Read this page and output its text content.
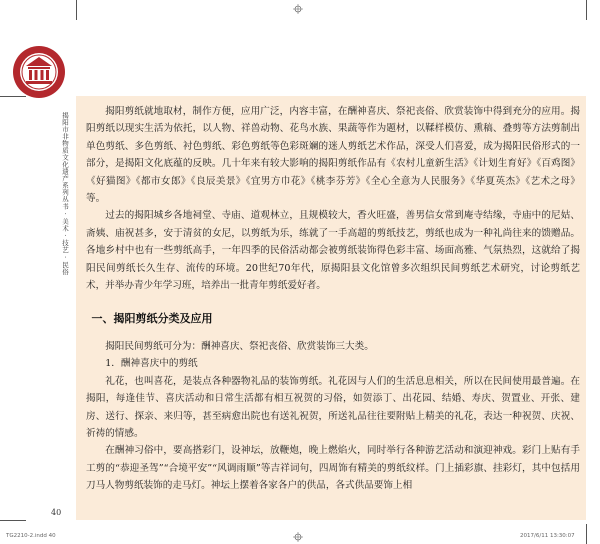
揭阳市非物质文化遗产系列丛书 · 美术 · 技艺 · 民俗

揭阳剪纸就地取材，制作方便，应用广泛，内容丰富，在酬神喜庆、祭祀丧俗、欣赏装饰中得到充分的应用。揭阳剪纸以现实生活为依托，以人物、祥兽动物、花鸟水族、果蔬等作为题材，以鞣样模仿、熏稿、叠剪等方法剪制出单色剪纸、多色剪纸、衬色剪纸、彩色剪纸等色彩斑斓的迷人剪纸艺术作品，深受人们喜爱，成为揭阳民俗形式的一部分，是揭阳文化底蕴的反映。几十年来有较大影响的揭阳剪纸作品有《农村儿童新生活》《计划生育好》《百鸡图》《好猫图》《都市女郎》《良辰美景》《宜男方巾花》《桃李芬芳》《全心全意为人民服务》《华夏英杰》《艺术之母》等。

过去的揭阳城乡各地祠堂、寺庙、道观林立，且规模较大，香火旺盛，善男信女常到庵寺结缘，寺庙中的尼姑、斋姨、庙祝甚多，安于清贫的女尼，以剪纸为乐，练就了一手高超的剪纸技艺，剪纸也成为一种礼尚往来的馈赠品。各地乡村中也有一些剪纸高手，一年四季的民俗活动都会被剪纸装饰得色彩丰富、场面高雅、气氛热烈，这就给了揭阳民间剪纸长久生存、流传的环境。20世纪70年代，原揭阳县文化馆曾多次组织民间剪纸艺术研究，讨论剪纸艺术，并举办青少年学习班，培养出一批青年剪纸爱好者。

一、揭阳剪纸分类及应用

揭阳民间剪纸可分为：酬神喜庆、祭祀丧俗、欣赏装饰三大类。

1．酬神喜庆中的剪纸

礼花，也叫喜花，是装点各种器物礼品的装饰剪纸。礼花因与人们的生活息息相关，所以在民间使用最普遍。在揭阳，每逢佳节、喜庆活动和日常生活都有相互祝贺的习俗，如贺添丁、出花园、结婚、寿庆、贺置业、开张、建房、送行、探亲、来归等，甚至病愈出院也有送礼祝贺，所送礼品往往要附贴上精美的礼花，表达一种祝贺、庆祝、祈祷的情感。

在酬神习俗中，要高搭彩门，设神坛，放鞭炮，晚上燃焰火，同时举行各种游艺活动和演迎神戏。彩门上贴有手工剪的“恭迎圣驾”“合境平安”“风调雨顺”等吉祥词句，四周饰有精美的剪纸纹样。门上插彩旗、挂彩灯，其中包括用刀马人物剪纸装饰的走马灯。神坛上摆着各家各户的供品，各式供品要饰上相

40
TG2210-2.indd 40	2017/6/11 13:30:07
